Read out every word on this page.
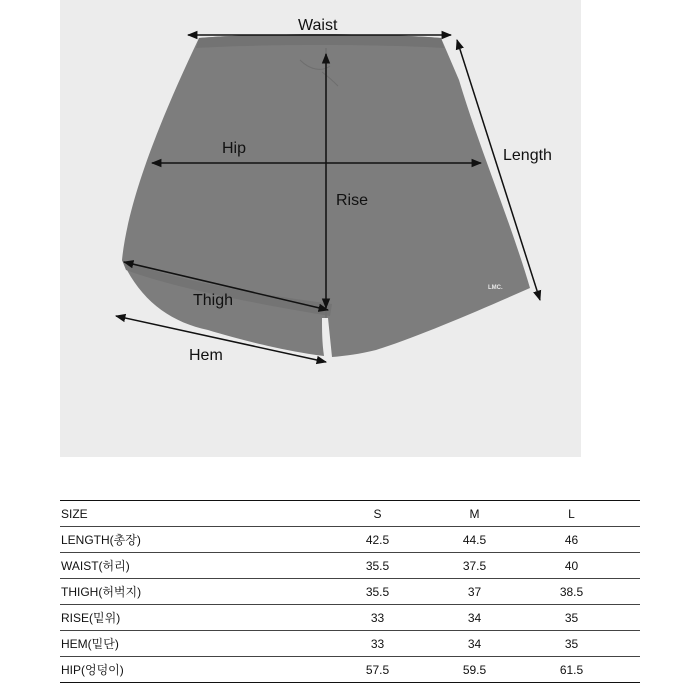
LMC.
Waist
Hip
Rise
Length
Thigh
Hem
SIZE	S	M	L	
LENGTH(총장)	42.5	44.5	46	
WAIST(허리)	35.5	37.5	40	
THIGH(허벅지)	35.5	37	38.5	
RISE(밑위)	33	34	35	
HEM(밑단)	33	34	35	
HIP(엉덩이)	57.5	59.5	61.5	
